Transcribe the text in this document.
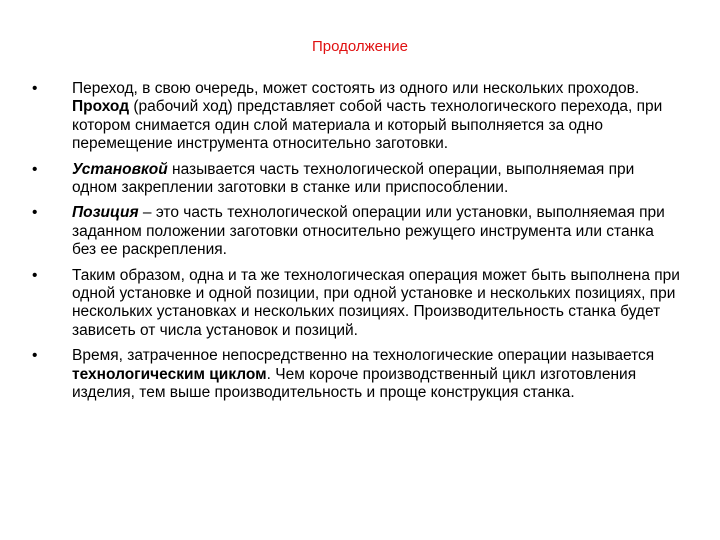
Продолжение
•	Переход, в свою очередь, может состоять из одного или нескольких проходов. Проход (рабочий ход) представляет собой часть технологического перехода, при котором снимается один слой материала и который выполняется за одно перемещение инструмента относительно заготовки.
•	Установкой называется часть технологической операции, выполняемая при одном закреплении заготовки в станке или приспособлении.
•	Позиция – это часть технологической операции или установки, выполняемая при заданном положении заготовки относительно режущего инструмента или станка без ее раскрепления.
•	Таким образом, одна и та же технологическая операция может быть выполнена при одной установке и одной позиции, при одной установке и нескольких позициях, при нескольких установках и нескольких позициях. Производительность станка будет зависеть от числа установок и позиций.
•	Время, затраченное непосредственно на технологические операции называется технологическим циклом. Чем короче производственный цикл изготовления изделия, тем выше производительность и проще конструкция станка.
